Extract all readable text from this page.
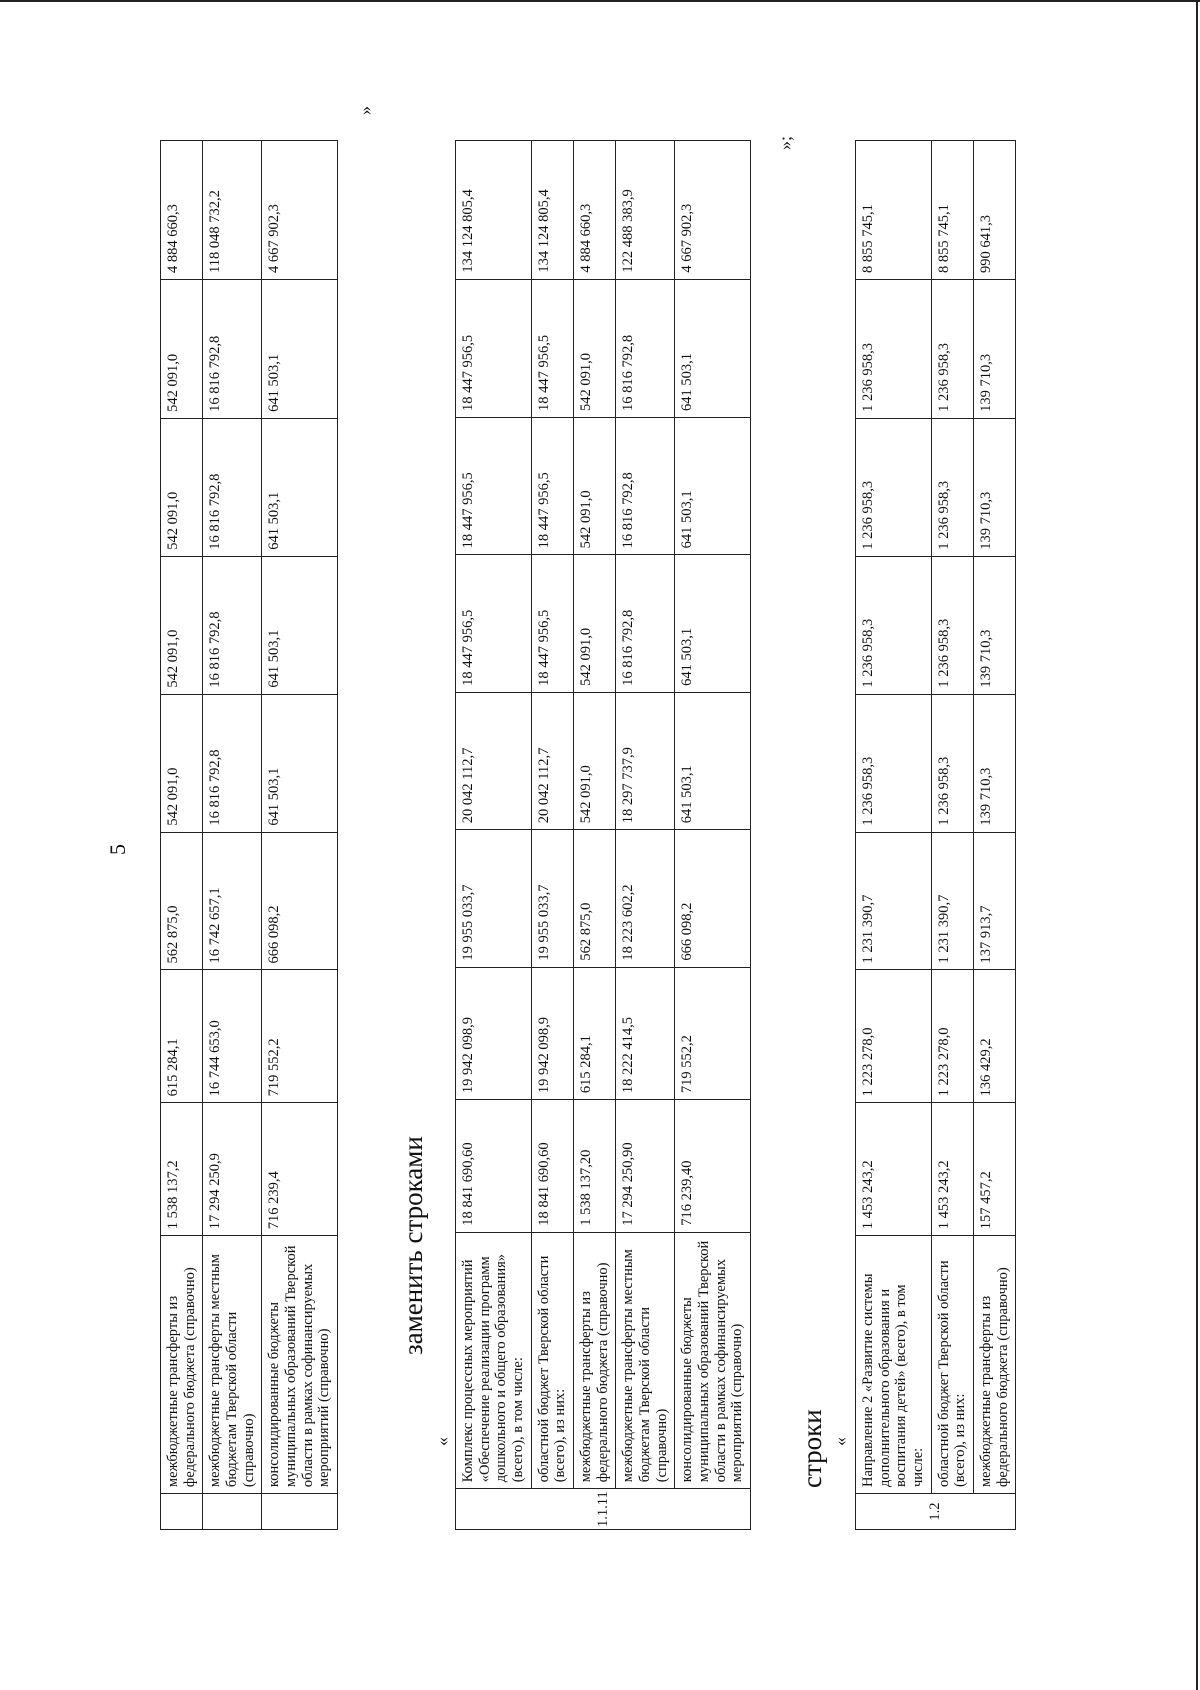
5
	межбюджетные трансферты из федерального бюджета (справочно)	1 538 137,2	615 284,1	562 875,0	542 091,0	542 091,0	542 091,0	542 091,0	4 884 660,3
	межбюджетные трансферты местным бюджетам Тверской области (справочно)	17 294 250,9	16 744 653,0	16 742 657,1	16 816 792,8	16 816 792,8	16 816 792,8	16 816 792,8	118 048 732,2
	консолидированные бюджеты муниципальных образований Тверской области в рамках софинансируемых мероприятий (справочно)	716 239,4	719 552,2	666 098,2	641 503,1	641 503,1	641 503,1	641 503,1	4 667 902,3
»
заменить строками
«
1.1.11	Комплекс процессных мероприятий «Обеспечение реализации программ дошкольного и общего образования» (всего), в том числе:	18 841 690,60	19 942 098,9	19 955 033,7	20 042 112,7	18 447 956,5	18 447 956,5	18 447 956,5	134 124 805,4
	областной бюджет Тверской области (всего), из них:	18 841 690,60	19 942 098,9	19 955 033,7	20 042 112,7	18 447 956,5	18 447 956,5	18 447 956,5	134 124 805,4
	межбюджетные трансферты из федерального бюджета (справочно)	1 538 137,20	615 284,1	562 875,0	542 091,0	542 091,0	542 091,0	542 091,0	4 884 660,3
	межбюджетные трансферты местным бюджетам Тверской области (справочно)	17 294 250,90	18 222 414,5	18 223 602,2	18 297 737,9	16 816 792,8	16 816 792,8	16 816 792,8	122 488 383,9
	консолидированные бюджеты муниципальных образований Тверской области в рамках софинансируемых мероприятий (справочно)	716 239,40	719 552,2	666 098,2	641 503,1	641 503,1	641 503,1	641 503,1	4 667 902,3
»;
строки «
1.2	Направление 2 «Развитие системы дополнительного образования и воспитания детей» (всего), в том числе:	1 453 243,2	1 223 278,0	1 231 390,7	1 236 958,3	1 236 958,3	1 236 958,3	1 236 958,3	8 855 745,1
	областной бюджет Тверской области (всего), из них:	1 453 243,2	1 223 278,0	1 231 390,7	1 236 958,3	1 236 958,3	1 236 958,3	1 236 958,3	8 855 745,1
	межбюджетные трансферты из федерального бюджета (справочно)	157 457,2	136 429,2	137 913,7	139 710,3	139 710,3	139 710,3	139 710,3	990 641,3
